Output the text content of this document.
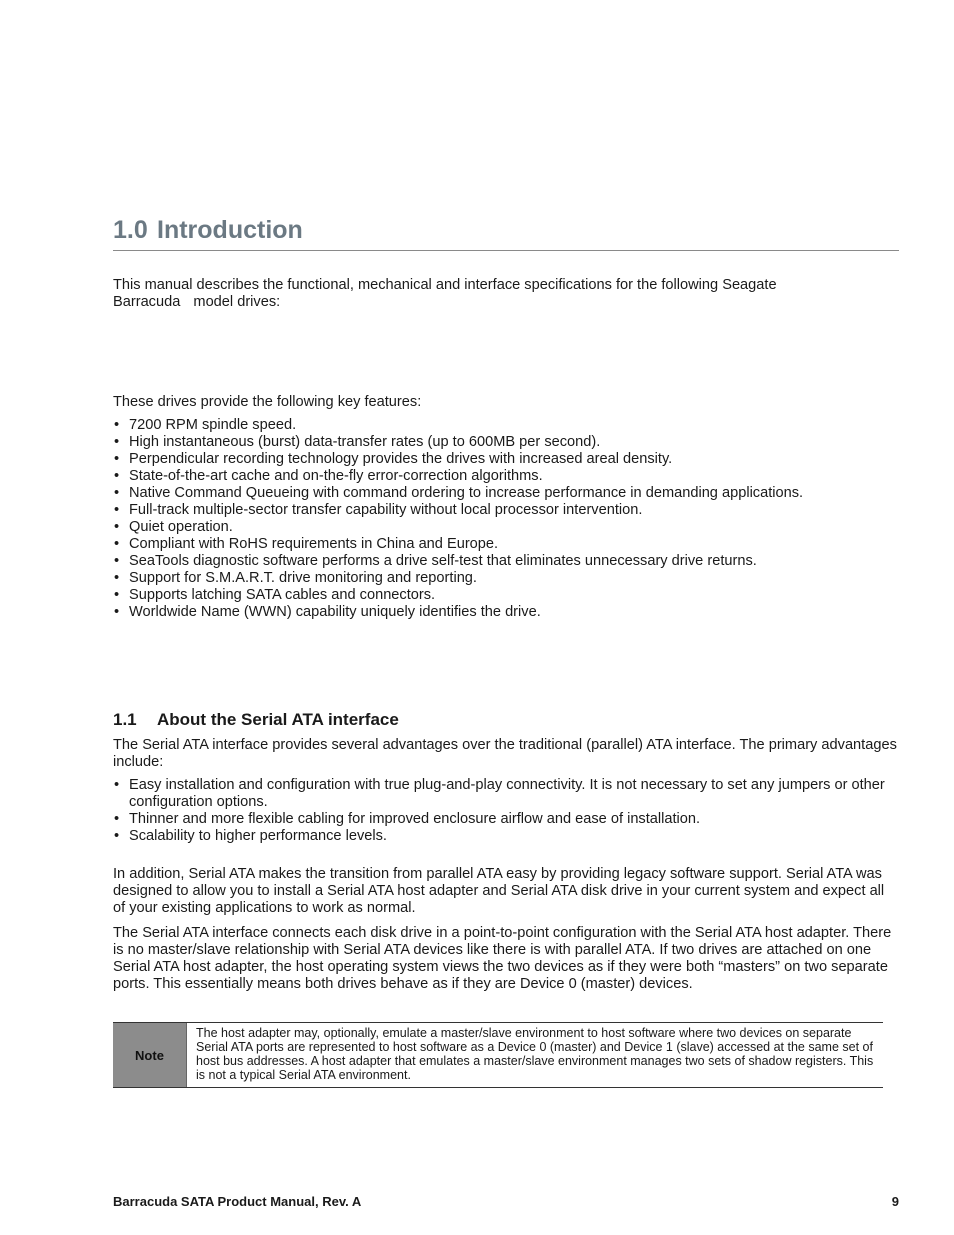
1.0 Introduction
This manual describes the functional, mechanical and interface specifications for the following Seagate
Barracuda model drives:
These drives provide the following key features:
• 7200 RPM spindle speed.
• High instantaneous (burst) data-transfer rates (up to 600MB per second).
• Perpendicular recording technology provides the drives with increased areal density.
• State-of-the-art cache and on-the-fly error-correction algorithms.
• Native Command Queueing with command ordering to increase performance in demanding applications.
• Full-track multiple-sector transfer capability without local processor intervention.
• Quiet operation.
• Compliant with RoHS requirements in China and Europe.
• SeaTools diagnostic software performs a drive self-test that eliminates unnecessary drive returns.
• Support for S.M.A.R.T. drive monitoring and reporting.
• Supports latching SATA cables and connectors.
• Worldwide Name (WWN) capability uniquely identifies the drive.
1.1 About the Serial ATA interface
The Serial ATA interface provides several advantages over the traditional (parallel) ATA interface. The primary advantages include:
• Easy installation and configuration with true plug-and-play connectivity. It is not necessary to set any jumpers or other configuration options.
• Thinner and more flexible cabling for improved enclosure airflow and ease of installation.
• Scalability to higher performance levels.
In addition, Serial ATA makes the transition from parallel ATA easy by providing legacy software support. Serial ATA was designed to allow you to install a Serial ATA host adapter and Serial ATA disk drive in your current system and expect all of your existing applications to work as normal.
The Serial ATA interface connects each disk drive in a point-to-point configuration with the Serial ATA host adapter. There is no master/slave relationship with Serial ATA devices like there is with parallel ATA. If two drives are attached on one Serial ATA host adapter, the host operating system views the two devices as if they were both “masters” on two separate ports. This essentially means both drives behave as if they are Device 0 (master) devices.
Note
The host adapter may, optionally, emulate a master/slave environment to host software where two devices on separate Serial ATA ports are represented to host software as a Device 0 (master) and Device 1 (slave) accessed at the same set of host bus addresses. A host adapter that emulates a master/slave environment manages two sets of shadow registers. This is not a typical Serial ATA environment.
Barracuda SATA Product Manual, Rev. A	9
